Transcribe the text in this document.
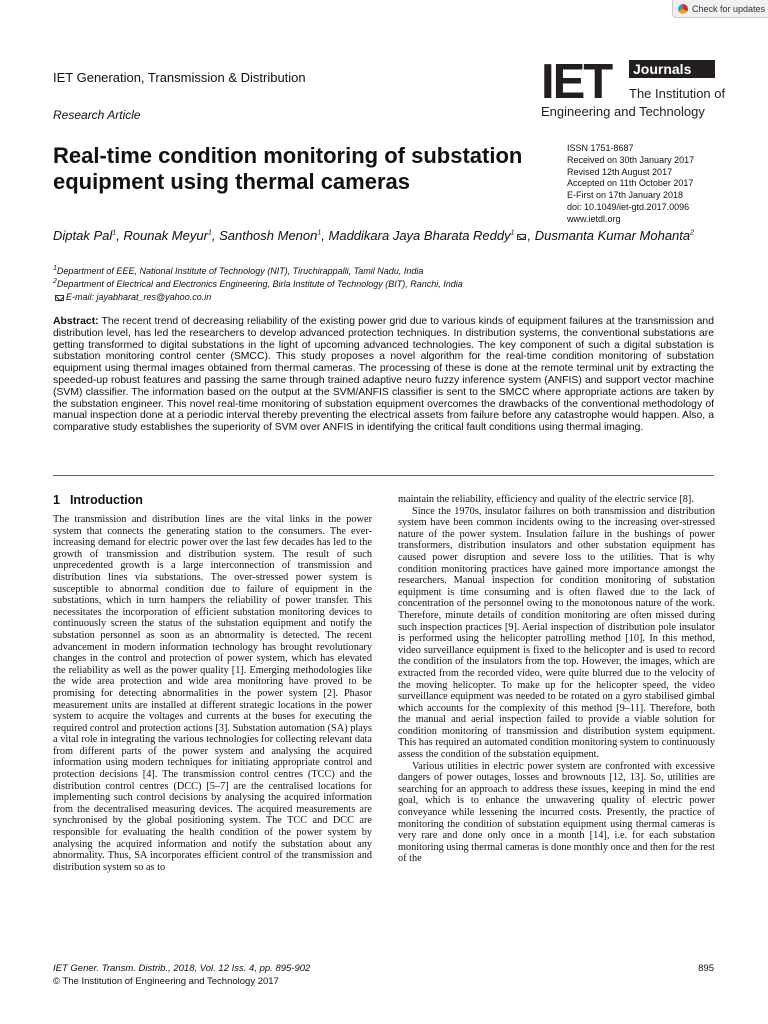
Check for updates
IET Generation, Transmission & Distribution
Research Article
IET Journals
The Institution of
Engineering and Technology
Real-time condition monitoring of substation equipment using thermal cameras
ISSN 1751-8687
Received on 30th January 2017
Revised 12th August 2017
Accepted on 11th October 2017
E-First on 17th January 2018
doi: 10.1049/iet-gtd.2017.0096
www.ietdl.org
Diptak Pal$^1$, Rounak Meyur$^1$, Santhosh Menon$^1$, Maddikara Jaya Bharata Reddy$^1$ , Dusmanta Kumar Mohanta$^2$
$^1$Department of EEE, National Institute of Technology (NIT), Tiruchirappalli, Tamil Nadu, India
$^2$Department of Electrical and Electronics Engineering, Birla Institute of Technology (BIT), Ranchi, India
E-mail: jayabharat_res@yahoo.co.in
Abstract: The recent trend of decreasing reliability of the existing power grid due to various kinds of equipment failures at the transmission and distribution level, has led the researchers to develop advanced protection techniques. In distribution systems, the conventional substations are getting transformed to digital substations in the light of upcoming advanced technologies. The key component of such a digital substation is substation monitoring control center (SMCC). This study proposes a novel algorithm for the real-time condition monitoring of substation equipment using thermal images obtained from thermal cameras. The processing of these is done at the remote terminal unit by extracting the speeded-up robust features and passing the same through trained adaptive neuro fuzzy inference system (ANFIS) and support vector machine (SVM) classifier. The information based on the output at the SVM/ANFIS classifier is sent to the SMCC where appropriate actions are taken by the substation engineer. This novel real-time monitoring of substation equipment overcomes the drawbacks of the conventional methodology of manual inspection done at a periodic interval thereby preventing the electrical assets from failure before any catastrophe would happen. Also, a comparative study establishes the superiority of SVM over ANFIS in identifying the critical fault conditions using thermal imaging.
1 Introduction

The transmission and distribution lines are the vital links in the power system that connects the generating station to the consumers. The ever-increasing demand for electric power over the last few decades has led to the growth of transmission and distribution system. The result of such unprecedented growth is a large interconnection of transmission and distribution lines via substations. The over-stressed power system is susceptible to abnormal condition due to failure of equipment in the substations, which in turn hampers the reliability of power transfer. This necessitates the incorporation of efficient substation monitoring devices to continuously screen the status of the substation equipment and notify the substation personnel as soon as an abnormality is detected. The recent advancement in modern information technology has brought revolutionary changes in the control and protection of power system, which has elevated the reliability as well as the power quality [1]. Emerging methodologies like the wide area protection and wide area monitoring have proved to be promising for detecting abnormalities in the power system [2]. Phasor measurement units are installed at different strategic locations in the power system to acquire the voltages and currents at the buses for executing the required control and protection actions [3]. Substation automation (SA) plays a vital role in integrating the various technologies for collecting relevant data from different parts of the power system and analysing the acquired information using modern techniques for initiating appropriate control and protection decisions [4]. The transmission control centres (TCC) and the distribution control centres (DCC) [5–7] are the centralised locations for implementing such control decisions by analysing the acquired information from the decentralised measuring devices. The acquired measurements are synchronised by the global positioning system. The TCC and DCC are responsible for evaluating the health condition of the power system by analysing the acquired information and notify the substation about any abnormality. Thus, SA incorporates efficient control of the transmission and distribution system so as to

maintain the reliability, efficiency and quality of the electric service [8].

Since the 1970s, insulator failures on both transmission and distribution system have been common incidents owing to the increasing over-stressed nature of the power system. Insulation failure in the bushings of power transformers, distribution insulators and other substation equipment has caused power disruption and severe loss to the utilities. That is why condition monitoring practices have gained more importance amongst the researchers. Manual inspection for condition monitoring of substation equipment is time consuming and is often flawed due to the lack of concentration of the personnel owing to the monotonous nature of the work. Therefore, minute details of condition monitoring are often missed during such inspection practices [9]. Aerial inspection of distribution pole insulator is performed using the helicopter patrolling method [10]. In this method, video surveillance equipment is fixed to the helicopter and is used to record the condition of the insulators from the top. However, the images, which are extracted from the recorded video, were quite blurred due to the velocity of the moving helicopter. To make up for the helicopter speed, the video surveillance equipment was needed to be rotated on a gyro stabilised gimbal which accounts for the complexity of this method [9–11]. Therefore, both the manual and aerial inspection failed to provide a viable solution for condition monitoring of transmission and distribution system equipment. This has required an automated condition monitoring system to continuously assess the condition of the substation equipment.

Various utilities in electric power system are confronted with excessive dangers of power outages, losses and brownouts [12, 13]. So, utilities are searching for an approach to address these issues, keeping in mind the end goal, which is to enhance the unwavering quality of electric power conveyance while lessening the incurred costs. Presently, the practice of monitoring the condition of substation equipment using thermal cameras is very rare and done only once in a month [14], i.e. for each substation monitoring using thermal cameras is done monthly once and then for the rest of the

IET Gener. Transm. Distrib., 2018, Vol. 12 Iss. 4, pp. 895-902
© The Institution of Engineering and Technology 2017
895
